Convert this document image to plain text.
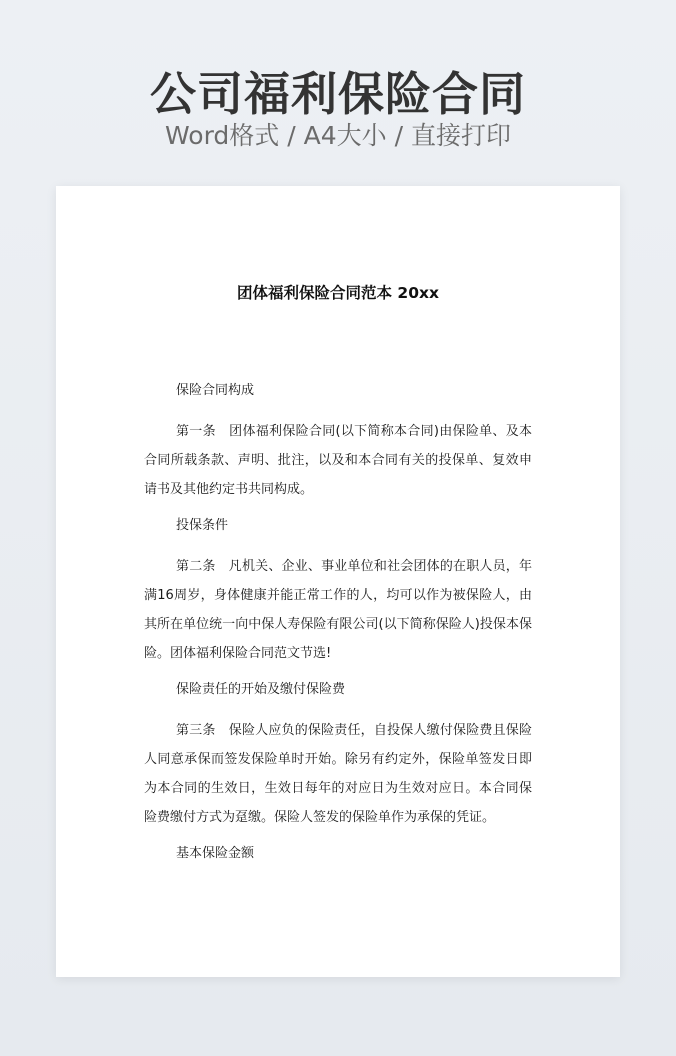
公司福利保险合同
Word格式 / A4大小 / 直接打印
团体福利保险合同范本 20xx

保险合同构成

第一条　团体福利保险合同(以下简称本合同)由保险单、及本合同所载条款、声明、批注，以及和本合同有关的投保单、复效申请书及其他约定书共同构成。

投保条件

第二条　凡机关、企业、事业单位和社会团体的在职人员，年满16周岁，身体健康并能正常工作的人，均可以作为被保险人，由其所在单位统一向中保人寿保险有限公司(以下简称保险人)投保本保险。团体福利保险合同范文节选!

保险责任的开始及缴付保险费

第三条　保险人应负的保险责任，自投保人缴付保险费且保险人同意承保而签发保险单时开始。除另有约定外，保险单签发日即为本合同的生效日，生效日每年的对应日为生效对应日。本合同保险费缴付方式为趸缴。保险人签发的保险单作为承保的凭证。

基本保险金额
